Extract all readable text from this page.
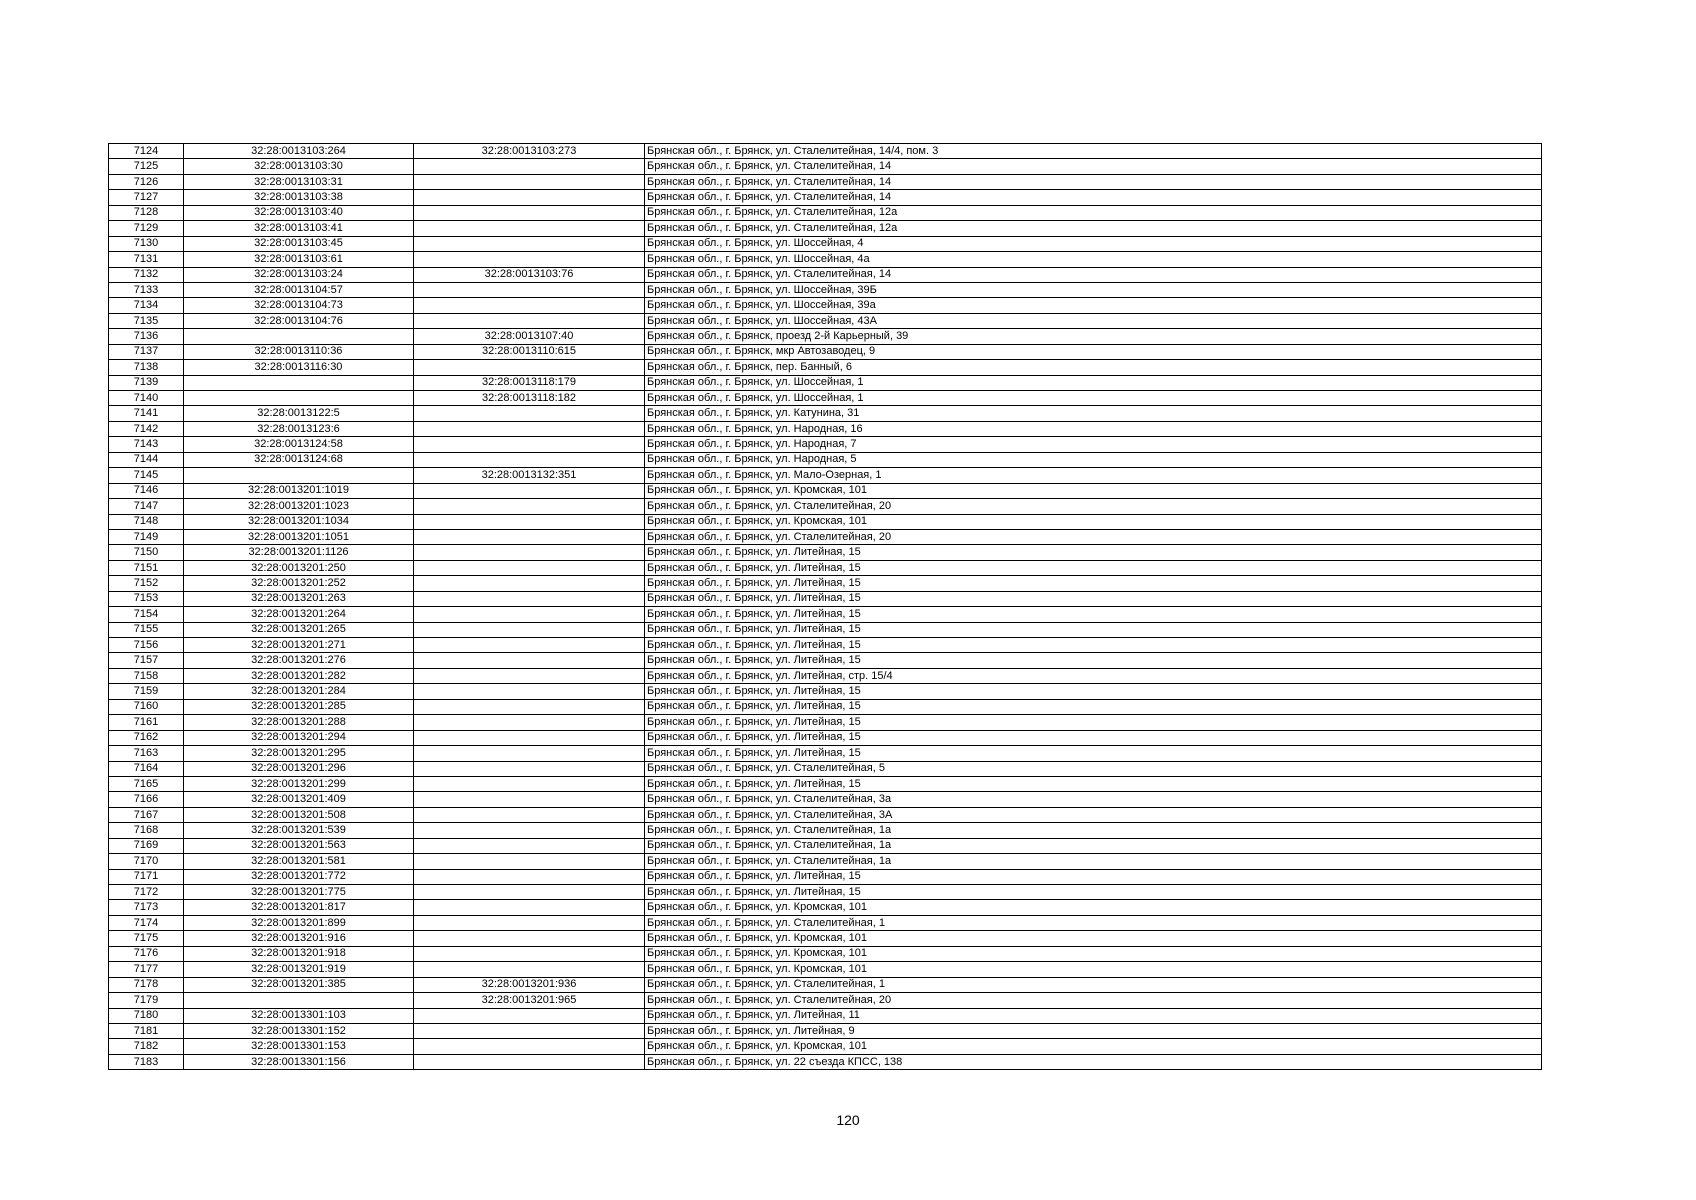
7124	32:28:0013103:264	32:28:0013103:273	Брянская обл., г. Брянск, ул. Сталелитейная, 14/4, пом. 3
7125	32:28:0013103:30		Брянская обл., г. Брянск, ул. Сталелитейная, 14
7126	32:28:0013103:31		Брянская обл., г. Брянск, ул. Сталелитейная, 14
7127	32:28:0013103:38		Брянская обл., г. Брянск, ул. Сталелитейная, 14
7128	32:28:0013103:40		Брянская обл., г. Брянск, ул. Сталелитейная, 12а
7129	32:28:0013103:41		Брянская обл., г. Брянск, ул. Сталелитейная, 12а
7130	32:28:0013103:45		Брянская обл., г. Брянск, ул. Шоссейная, 4
7131	32:28:0013103:61		Брянская обл., г. Брянск, ул. Шоссейная, 4а
7132	32:28:0013103:24	32:28:0013103:76	Брянская обл., г. Брянск, ул. Сталелитейная, 14
7133	32:28:0013104:57		Брянская обл., г. Брянск, ул. Шоссейная, 39Б
7134	32:28:0013104:73		Брянская обл., г. Брянск, ул. Шоссейная, 39а
7135	32:28:0013104:76		Брянская обл., г. Брянск, ул. Шоссейная, 43А
7136		32:28:0013107:40	Брянская обл., г. Брянск, проезд 2-й Карьерный, 39
7137	32:28:0013110:36	32:28:0013110:615	Брянская обл., г. Брянск, мкр Автозаводец, 9
7138	32:28:0013116:30		Брянская обл., г. Брянск, пер. Банный, 6
7139		32:28:0013118:179	Брянская обл., г. Брянск, ул. Шоссейная, 1
7140		32:28:0013118:182	Брянская обл., г. Брянск, ул. Шоссейная, 1
7141	32:28:0013122:5		Брянская обл., г. Брянск, ул. Катунина, 31
7142	32:28:0013123:6		Брянская обл., г. Брянск, ул. Народная, 16
7143	32:28:0013124:58		Брянская обл., г. Брянск, ул. Народная, 7
7144	32:28:0013124:68		Брянская обл., г. Брянск, ул. Народная, 5
7145		32:28:0013132:351	Брянская обл., г. Брянск, ул. Мало-Озерная, 1
7146	32:28:0013201:1019		Брянская обл., г. Брянск, ул. Кромская, 101
7147	32:28:0013201:1023		Брянская обл., г. Брянск, ул. Сталелитейная, 20
7148	32:28:0013201:1034		Брянская обл., г. Брянск, ул. Кромская, 101
7149	32:28:0013201:1051		Брянская обл., г. Брянск, ул. Сталелитейная, 20
7150	32:28:0013201:1126		Брянская обл., г. Брянск, ул. Литейная, 15
7151	32:28:0013201:250		Брянская обл., г. Брянск, ул. Литейная, 15
7152	32:28:0013201:252		Брянская обл., г. Брянск, ул. Литейная, 15
7153	32:28:0013201:263		Брянская обл., г. Брянск, ул. Литейная, 15
7154	32:28:0013201:264		Брянская обл., г. Брянск, ул. Литейная, 15
7155	32:28:0013201:265		Брянская обл., г. Брянск, ул. Литейная, 15
7156	32:28:0013201:271		Брянская обл., г. Брянск, ул. Литейная, 15
7157	32:28:0013201:276		Брянская обл., г. Брянск, ул. Литейная, 15
7158	32:28:0013201:282		Брянская обл., г. Брянск, ул. Литейная, стр. 15/4
7159	32:28:0013201:284		Брянская обл., г. Брянск, ул. Литейная, 15
7160	32:28:0013201:285		Брянская обл., г. Брянск, ул. Литейная, 15
7161	32:28:0013201:288		Брянская обл., г. Брянск, ул. Литейная, 15
7162	32:28:0013201:294		Брянская обл., г. Брянск, ул. Литейная, 15
7163	32:28:0013201:295		Брянская обл., г. Брянск, ул. Литейная, 15
7164	32:28:0013201:296		Брянская обл., г. Брянск, ул. Сталелитейная, 5
7165	32:28:0013201:299		Брянская обл., г. Брянск, ул. Литейная, 15
7166	32:28:0013201:409		Брянская обл., г. Брянск, ул. Сталелитейная, 3а
7167	32:28:0013201:508		Брянская обл., г. Брянск, ул. Сталелитейная, 3А
7168	32:28:0013201:539		Брянская обл., г. Брянск, ул. Сталелитейная, 1а
7169	32:28:0013201:563		Брянская обл., г. Брянск, ул. Сталелитейная, 1а
7170	32:28:0013201:581		Брянская обл., г. Брянск, ул. Сталелитейная, 1а
7171	32:28:0013201:772		Брянская обл., г. Брянск, ул. Литейная, 15
7172	32:28:0013201:775		Брянская обл., г. Брянск, ул. Литейная, 15
7173	32:28:0013201:817		Брянская обл., г. Брянск, ул. Кромская, 101
7174	32:28:0013201:899		Брянская обл., г. Брянск, ул. Сталелитейная, 1
7175	32:28:0013201:916		Брянская обл., г. Брянск, ул. Кромская, 101
7176	32:28:0013201:918		Брянская обл., г. Брянск, ул. Кромская, 101
7177	32:28:0013201:919		Брянская обл., г. Брянск, ул. Кромская, 101
7178	32:28:0013201:385	32:28:0013201:936	Брянская обл., г. Брянск, ул. Сталелитейная, 1
7179		32:28:0013201:965	Брянская обл., г. Брянск, ул. Сталелитейная, 20
7180	32:28:0013301:103		Брянская обл., г. Брянск, ул. Литейная, 11
7181	32:28:0013301:152		Брянская обл., г. Брянск, ул. Литейная, 9
7182	32:28:0013301:153		Брянская обл., г. Брянск, ул. Кромская, 101
7183	32:28:0013301:156		Брянская обл., г. Брянск, ул. 22 съезда КПСС, 138
120
